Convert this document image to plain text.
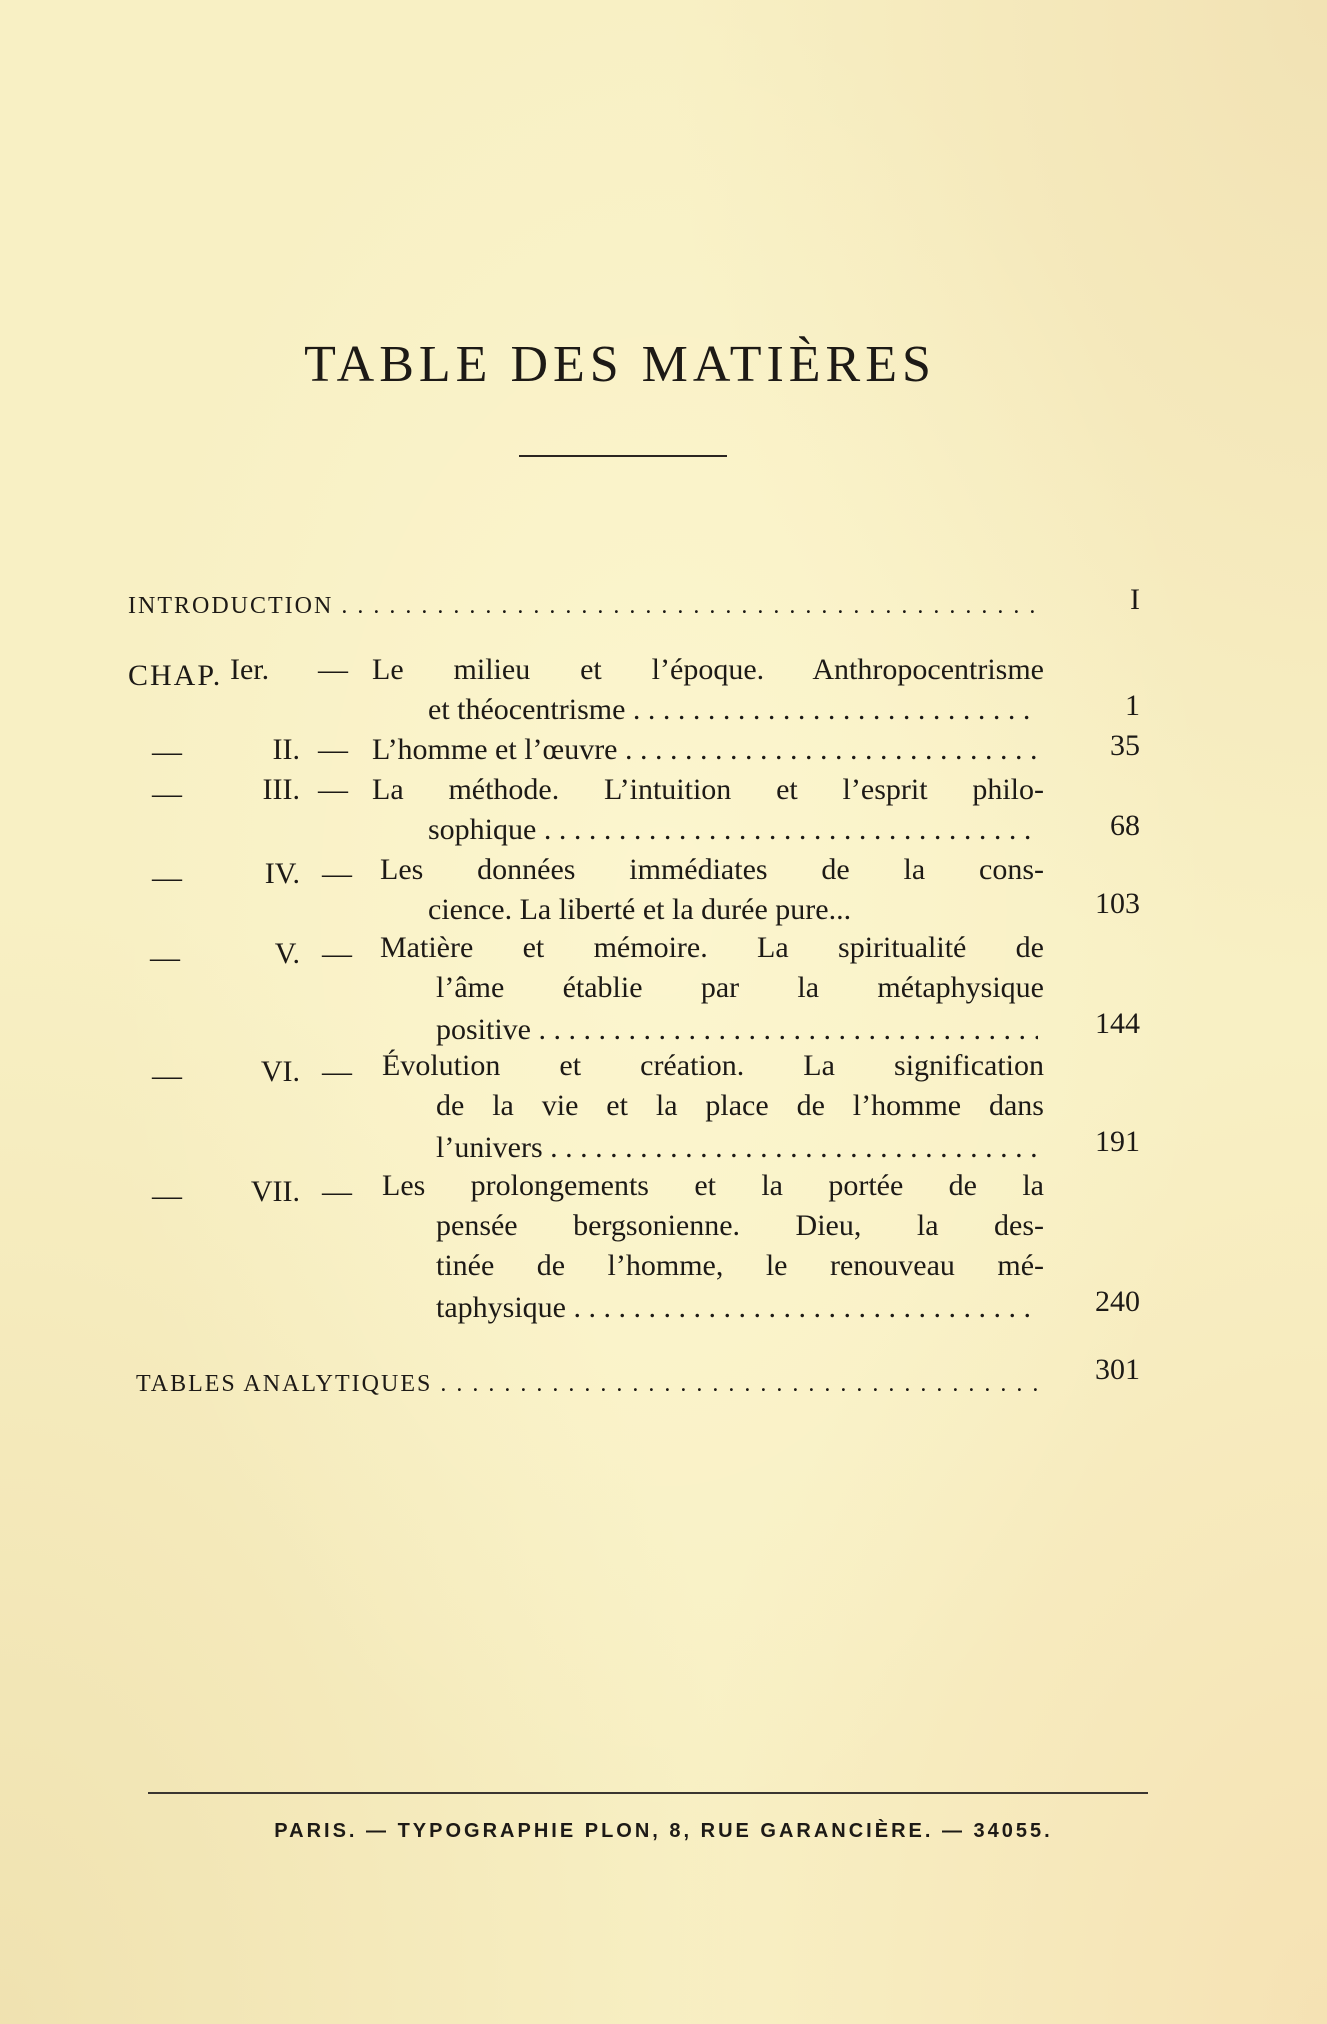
TABLE DES MATIÈRES
INTRODUCTION . . .	I
CHAP. Ier.	— Le milieu et l’époque. Anthropocentrisme
et théocentrisme . . .	1
—	II. — L’homme et l’œuvre . . .	35
—	III. — La méthode. L’intuition et l’esprit philo-
sophique . . .	68
—	IV. — Les données immédiates de la cons-
cience. La liberté et la durée pure...	103
—	V. — Matière et mémoire. La spiritualité de
l’âme établie par la métaphysique
positive . . .	144
—	VI. — Évolution et création. La signification
de la vie et la place de l’homme dans
l’univers . . .	191
—	VII. — Les prolongements et la portée de la
pensée bergsonienne. Dieu, la des-
tinée de l’homme, le renouveau mé-
taphysique . . .	240
TABLES ANALYTIQUES . . .	301
PARIS. — TYPOGRAPHIE PLON, 8, RUE GARANCIÈRE. — 34055.
